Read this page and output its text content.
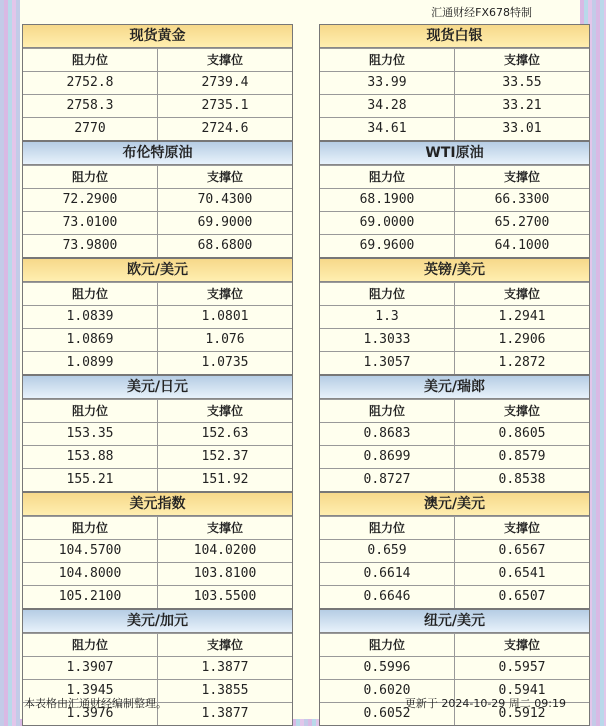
汇通财经FX678特制
现货黄金
阻力位	支撑位
2752.8	2739.4
2758.3	2735.1
2770	2724.6
现货白银
阻力位	支撑位
33.99	33.55
34.28	33.21
34.61	33.01
布伦特原油
阻力位	支撑位
72.2900	70.4300
73.0100	69.9000
73.9800	68.6800
WTI原油
阻力位	支撑位
68.1900	66.3300
69.0000	65.2700
69.9600	64.1000
欧元/美元
阻力位	支撑位
1.0839	1.0801
1.0869	1.076
1.0899	1.0735
英镑/美元
阻力位	支撑位
1.3	1.2941
1.3033	1.2906
1.3057	1.2872
美元/日元
阻力位	支撑位
153.35	152.63
153.88	152.37
155.21	151.92
美元/瑞郎
阻力位	支撑位
0.8683	0.8605
0.8699	0.8579
0.8727	0.8538
美元指数
阻力位	支撑位
104.5700	104.0200
104.8000	103.8100
105.2100	103.5500
澳元/美元
阻力位	支撑位
0.659	0.6567
0.6614	0.6541
0.6646	0.6507
美元/加元
阻力位	支撑位
1.3907	1.3877
1.3945	1.3855
1.3976	1.3877
纽元/美元
阻力位	支撑位
0.5996	0.5957
0.6020	0.5941
0.6052	0.5912
本表格由汇通财经编制整理。	更新于 2024-10-29 周二 09:19
